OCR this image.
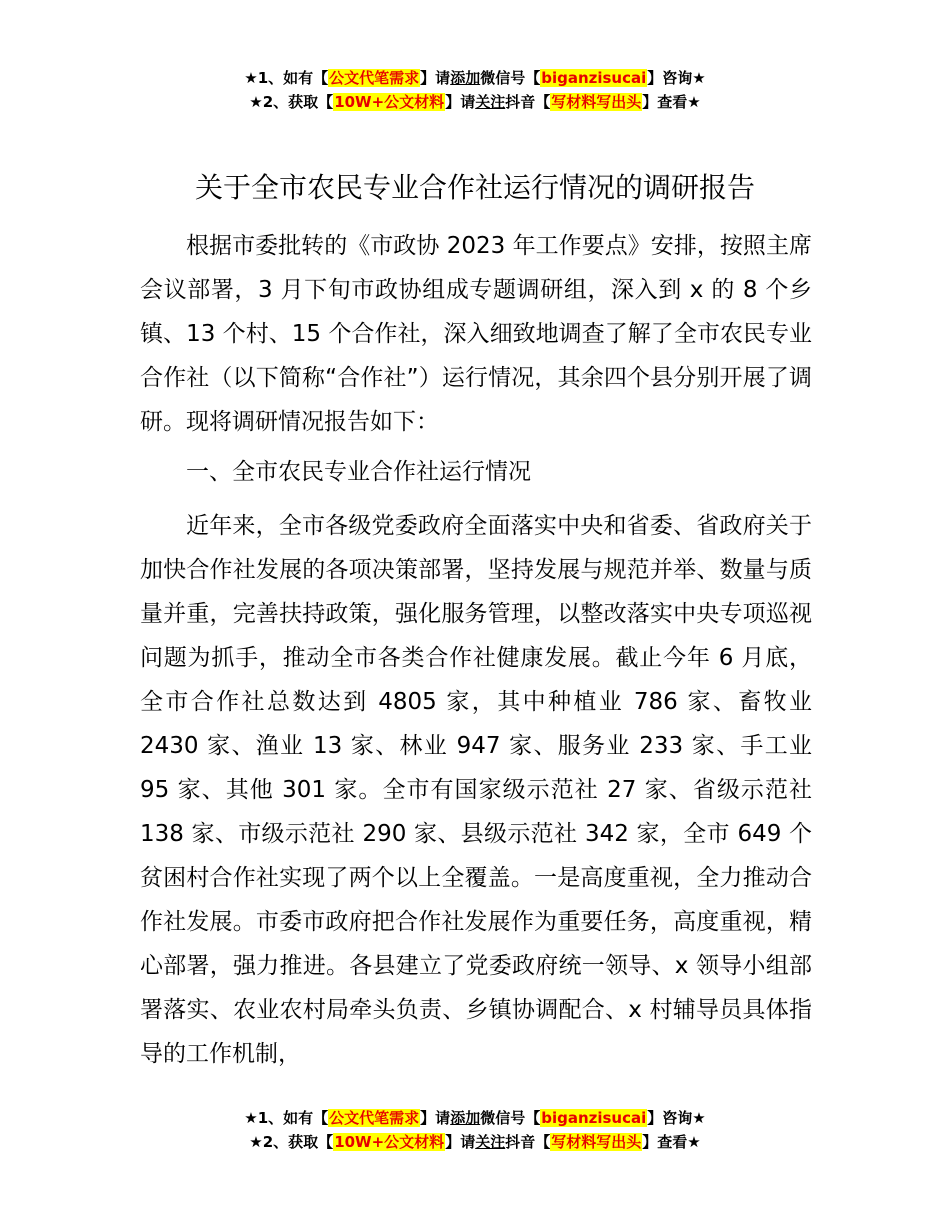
★1、如有【公文代笔需求】请添加微信号【biganzisucai】咨询★
★2、获取【10W+公文材料】请关注抖音【写材料写出头】查看★
关于全市农民专业合作社运行情况的调研报告

根据市委批转的《市政协 2023 年工作要点》安排，按照主席会议部署，3 月下旬市政协组成专题调研组，深入到 x 的 8 个乡镇、13 个村、15 个合作社，深入细致地调查了解了全市农民专业合作社（以下简称“合作社”）运行情况，其余四个县分别开展了调研。现将调研情况报告如下：

一、全市农民专业合作社运行情况

近年来，全市各级党委政府全面落实中央和省委、省政府关于加快合作社发展的各项决策部署，坚持发展与规范并举、数量与质量并重，完善扶持政策，强化服务管理，以整改落实中央专项巡视问题为抓手，推动全市各类合作社健康发展。截止今年 6 月底，全市合作社总数达到 4805 家，其中种植业 786 家、畜牧业 2430 家、渔业 13 家、林业 947 家、服务业 233 家、手工业 95 家、其他 301 家。全市有国家级示范社 27 家、省级示范社 138 家、市级示范社 290 家、县级示范社 342 家，全市 649 个贫困村合作社实现了两个以上全覆盖。一是高度重视，全力推动合作社发展。市委市政府把合作社发展作为重要任务，高度重视，精心部署，强力推进。各县建立了党委政府统一领导、x 领导小组部署落实、农业农村局牵头负责、乡镇协调配合、x 村辅导员具体指导的工作机制，

★1、如有【公文代笔需求】请添加微信号【biganzisucai】咨询★
★2、获取【10W+公文材料】请关注抖音【写材料写出头】查看★
